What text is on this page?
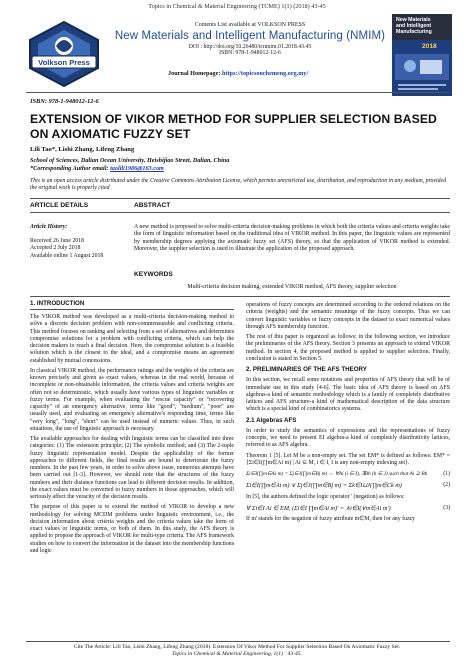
Topics in Chemical & Material Engineering (TCME) 1(1) (2018) 43-45
Volkson Press
Contents List available at VOLKSON PRESS
New Materials and Intelligent Manufacturing (NMIM)
DOI : http://doi.org/10.26480/icnmim.01.2018.43.45
ISBN: 978-1-948012-12-6
Journal Homepage: https://topicsonchemeng.org.my/
New Materials
and Intelligent
Manufacturing
2018
ISBN: 978-1-948012-12-6
EXTENSION OF VIKOR METHOD FOR SUPPLIER SELECTION BASED ON AXIOMATIC FUZZY SET
Lili Tao*, Lishi Zhang, Lifeng Zhang
School of Sciences, Dalian Ocean University, Heishijiao Street, Dalian, China
*Corresponding Author email: taolili1986@163.com
This is an open access article distributed under the Creative Commons Attribution License, which permits unrestricted use, distribution, and reproduction in any medium, provided the original work is properly cited
ARTICLE DETAILS	ABSTRACT
Article History:
Received 26 June 2018
Accepted 2 July 2018
Available online 1 August 2018
A new method is proposed to solve multi-criteria decision-making problems in which both the criteria values and criteria weights take the form of linguistic information based on the traditional idea of VIKOR method. In this paper, the linguistic values are represented by membership degrees applying the axiomatic fuzzy set (AFS) theory, so that the application of VIKOR method is extended. Moreover, the supplier selection is used to illustrate the application of the proposed approach.
KEYWORDS
Multi-criteria decision making, extended VIKOR method, AFS theory, supplier selection
1. INTRODUCTION

The VIKOR method was developed as a multi-criteria decision-making method to solve a discrete decision problem with non-commensurable and conflicting criteria. This method focuses on ranking and selecting from a set of alternatives and determines compromise solutions for a problem with conflicting criteria, which can help the decision makers to reach a final decision. Here, the compromise solution is a feasible solution which is the closest to the ideal, and a compromise means an agreement established by mutual concessions.

In classical VIKOR method, the performance ratings and the weights of the criteria are known precisely and given as exact values, whereas in the real world, because of incomplete or non-obtainable information, the criteria values and criteria weights are often not so deterministic, which usually have various types of linguistic variables or fuzzy terms. For example, when evaluating the "rescue capacity" or "recovering capacity" of an emergency alternative, terms like "good", "medium", "poor" are usually used, and evaluating an emergency alternative's responding time, terms like "very long", "long", "short" can be used instead of numeric values. Thus, in such situations, the use of linguistic approach is necessary.

The available approaches for dealing with linguistic terms can be classified into three categories: (1) The extension principle; (2) The symbolic method; and (3) The 2-tuple fuzzy linguistic representation model. Despite the applicability of the former approaches to different fields, the final results are bound to deteriorate the fuzzy numbers. In the past few years, in order to solve above issue, numerous attempts have been carried out [1-3]. However, we should note that the structures of the fuzzy numbers and their distance functions can lead to different decision results. In addition, the exact values must be converted to fuzzy numbers in those approaches, which will seriously affect the veracity of the decision results.

The purpose of this paper is to extend the method of VIKOR to develop a new methodology for solving MCDM problems under linguistic environment, i.e., the decision information about criteria weights and the criteria values take the form of exact values or linguistic terms, or both of them. In this study, the AFS theory is applied to propose the approach of VIKOR for multi-type criteria. The AFS framework studies on how to convert the information in the dataset into the membership functions and logic

operations of fuzzy concepts are determined according to the ordered relations on the criteria (weights) and the semantic meanings of the fuzzy concepts. Thus we can convert linguistic variables or fuzzy concepts in the dataset to exact numerical values through AFS membership function.

The rest of this paper is organized as follows: in the following section, we introduce the preliminaries of the AFS theory. Section 3 presents an approach to extend VIKOR method. In section 4, the proposed method is applied to supplier selection. Finally, conclusion is stated in Section 5.

2. PRELIMINARIES OF THE AFS THEORY

In this section, we recall some notations and properties of AFS theory that will be of immediate use in this study [4-6]. The basic idea of AFS theory is based on AFS algebras-a kind of semantic methodology which is a family of completely distributive lattices and AFS structure-a kind of mathematical description of the data structure which is a special kind of combinatorics systems.

2.1 Algebras AFS

In order to study the semantics of expressions and the representations of fuzzy concepts, we need to present EI algebra-a kind of completely distributivity lattices, referred to as AFS algebra.

Theorem 1 [5]. Let M be a non-empty set. The set EM* is defined as follows: EM* = {Σi∈I(∏m∈Ai m) | Ai ⊆ M, i ∈ I, I is any non-empty indexing set}.

Σi∈I(∏m∈Ai m) = Σj∈J(∏m∈Bj m) ⇔ ∀Ai (i ∈ I), ∃Bh (h ∈ J) such that Ai ⊇ Bh	(1)
Σi∈I(∏m∈Ai m) ∨ Σj∈J(∏m∈Bj m) = Σk∈I⊔J(∏m∈Ck m)	(2)

In [5], the authors defined the logic operator ' (negation) as follows:

∀ Σi∈I Ai ∈ EM, (Σi∈I ∏m∈Ai m)' = ∧i∈I(∨m∈Ai m')	(3)

If m' stands for the negation of fuzzy attribute m∈M, then for any fuzzy

Cite The Article: Lili Tao, Lishi Zhang, Lifeng Zhang (2018). Extension Of Vikor Method For Supplier Selection Based On Axiomatic Fuzzy Set.
Topics in Chemical & Material Engineering, 1(1) : 43-45.
